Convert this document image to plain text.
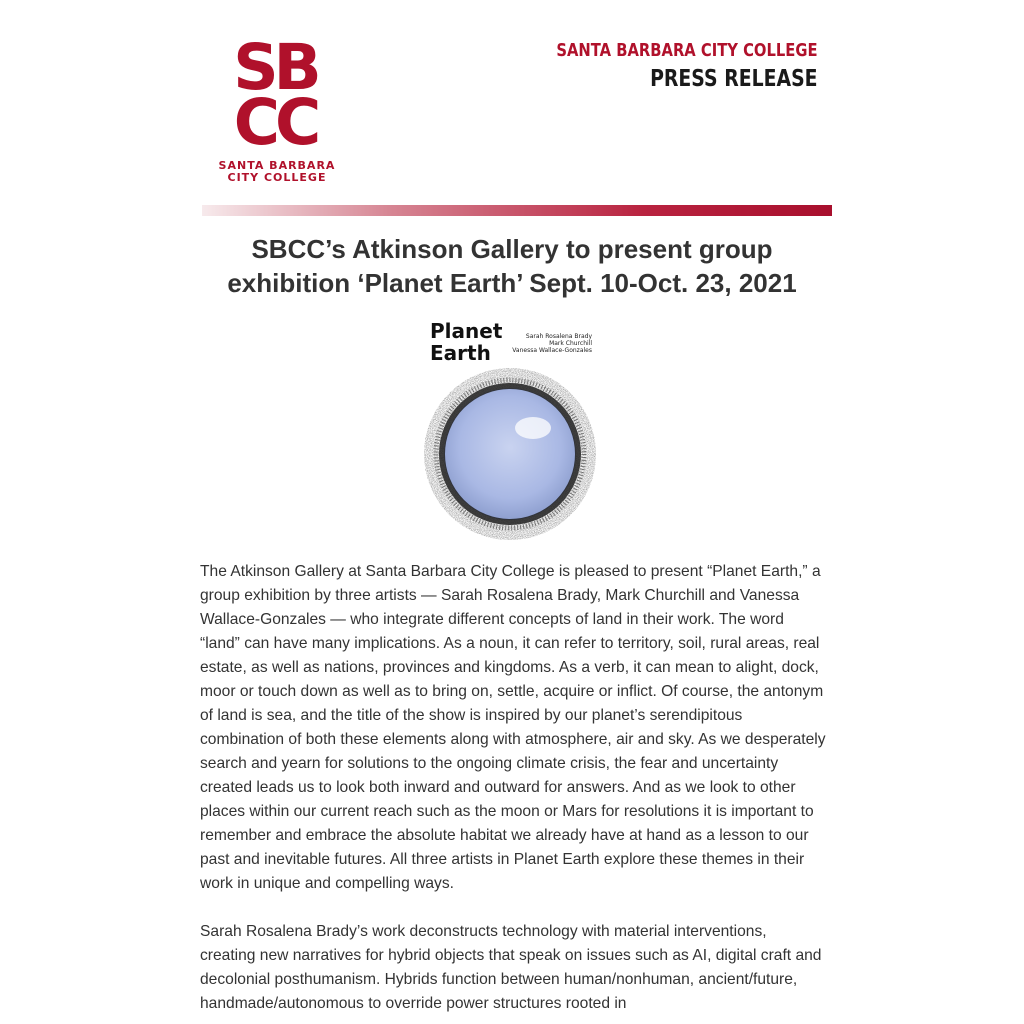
SB
CC
SANTA BARBARA
CITY COLLEGE
SANTA BARBARA CITY COLLEGE
PRESS RELEASE
SBCC’s Atkinson Gallery to present group
exhibition ‘Planet Earth’ Sept. 10-Oct. 23, 2021
Planet
Earth
Sarah Rosalena Brady
Mark Churchill
Vanessa Wallace-Gonzales

The Atkinson Gallery at Santa Barbara City College is pleased to present “Planet Earth,” a group exhibition by three artists — Sarah Rosalena Brady, Mark Churchill and Vanessa Wallace-Gonzales — who integrate different concepts of land in their work. The word “land” can have many implications. As a noun, it can refer to territory, soil, rural areas, real estate, as well as nations, provinces and kingdoms. As a verb, it can mean to alight, dock, moor or touch down as well as to bring on, settle, acquire or inflict. Of course, the antonym of land is sea, and the title of the show is inspired by our planet’s serendipitous combination of both these elements along with atmosphere, air and sky. As we desperately search and yearn for solutions to the ongoing climate crisis, the fear and uncertainty created leads us to look both inward and outward for answers. And as we look to other places within our current reach such as the moon or Mars for resolutions it is important to remember and embrace the absolute habitat we already have at hand as a lesson to our past and inevitable futures. All three artists in Planet Earth explore these themes in their work in unique and compelling ways.

Sarah Rosalena Brady’s work deconstructs technology with material interventions, creating new narratives for hybrid objects that speak on issues such as AI, digital craft and decolonial posthumanism. Hybrids function between human/nonhuman, ancient/future, handmade/autonomous to override power structures rooted in
